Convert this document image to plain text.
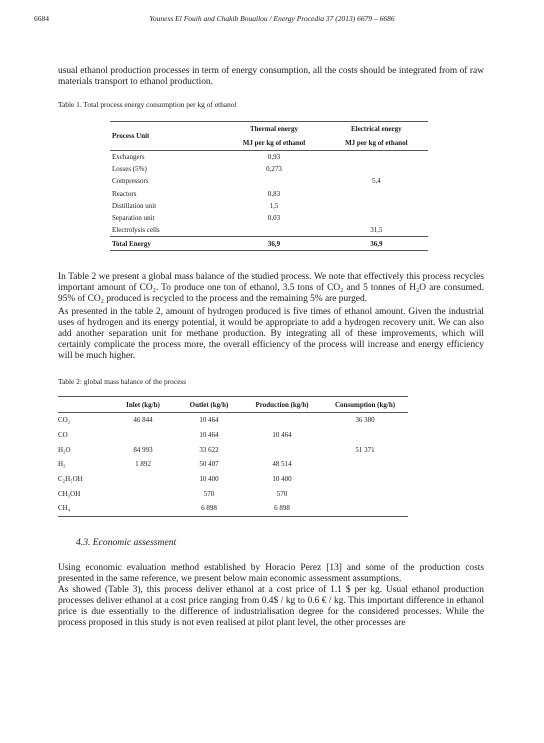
6684	Youness El Fouih and Chakib Bouallou / Energy Procedia 37 (2013) 6679 – 6686
usual ethanol production processes in term of energy consumption, all the costs should be integrated from of raw materials transport to ethanol production.
Table 1. Total process energy consumption per kg of ethanol
Process Unit	Thermal energy	Electrical energy
	MJ per kg of ethanol	MJ per kg of ethanol
Exchangers	0,93	
Losses (5%)	0,273	
Compressors		5,4
Reactors	0,83	
Distillation unit	1,5	
Separation unit	0,03	
Electrolysis cells		31,5
Total Energy	36,9	36,9
In Table 2 we present a global mass balance of the studied process. We note that effectively this process recycles important amount of CO₂. To produce one ton of ethanol, 3.5 tons of CO₂ and 5 tonnes of H₂O are consumed. 95% of CO₂ produced is recycled to the process and the remaining 5% are purged.
As presented in the table 2, amount of hydrogen produced is five times of ethanol amount. Given the industrial uses of hydrogen and its energy potential, it would be appropriate to add a hydrogen recovery unit. We can also add another separation unit for methane production. By integrating all of these improvements, which will certainly complicate the process more, the overall efficiency of the process will increase and energy efficiency will be much higher.
Table 2: global mass balance of the process
	Inlet (kg/h)	Outlet (kg/h)	Production (kg/h)	Consumption (kg/h)
CO₂	46 844	10 464		36 380
CO		10 464	10 464	
H₂O	84 993	33 622		51 371
H₂	1 892	50 407	48 514	
C₂H₅OH		10 400	10 400	
CH₃OH		570	570	
CH₄		6 898	6 898	
4.3. Economic assessment
Using economic evaluation method established by Horacio Perez [13] and some of the production costs presented in the same reference, we present below main economic assessment assumptions.
As showed (Table 3), this process deliver ethanol at a cost price of 1.1 $ per kg. Usual ethanol production processes deliver ethanol at a cost price ranging from 0.4$ / kg to 0.6 € / kg. This important difference in ethanol price is due essentially to the difference of industrialisation degree for the considered processes. While the process proposed in this study is not even realised at pilot plant level, the other processes are
